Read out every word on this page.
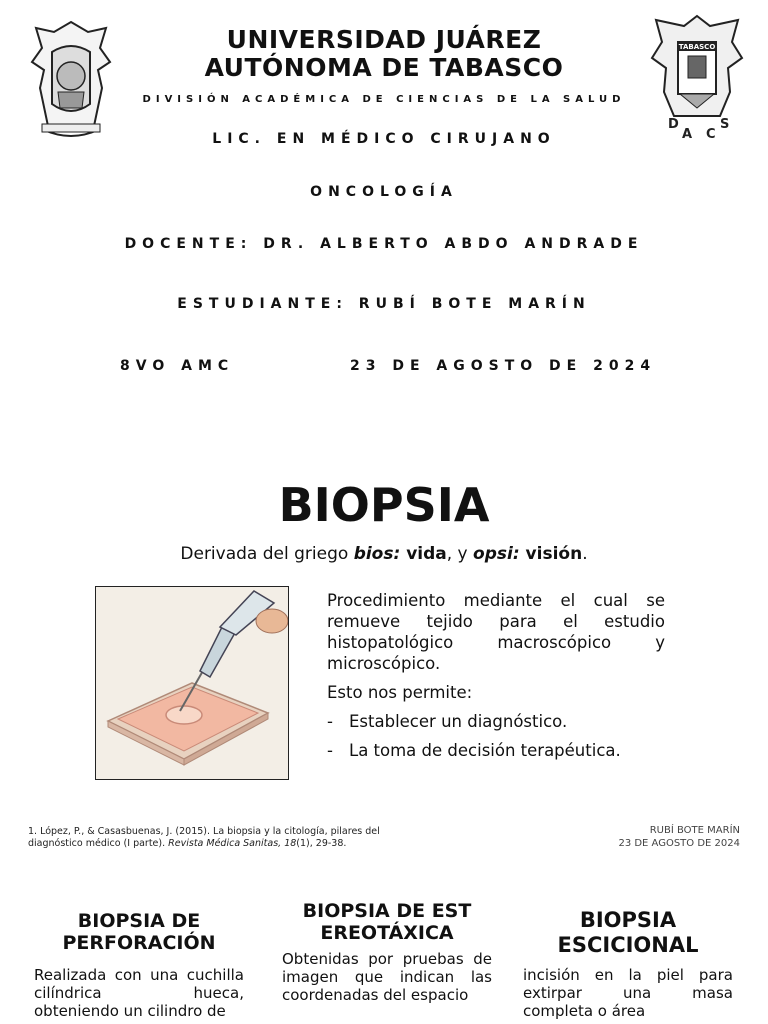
TABASCO
D
A C
S
UNIVERSIDAD JUÁREZ
AUTÓNOMA DE TABASCO
DIVISIÓN ACADÉMICA DE CIENCIAS DE LA SALUD
LIC. EN MÉDICO CIRUJANO
ONCOLOGÍA
DOCENTE: DR. ALBERTO ABDO ANDRADE
ESTUDIANTE: RUBÍ BOTE MARÍN
8VO AMC	23 DE AGOSTO DE 2024
BIOPSIA
Derivada del griego bios: vida, y opsi: visión.

Procedimiento mediante el cual se remueve tejido para el estudio histopatológico macroscópico y microscópico.

Esto nos permite:

- Establecer un diagnóstico.
- La toma de decisión terapéutica.
1. López, P., & Casasbuenas, J. (2015). La biopsia y la citología, pilares del diagnóstico médico (I parte). Revista Médica Sanitas, 18(1), 29-38.
RUBÍ BOTE MARÍN
23 DE AGOSTO DE 2024
BIOPSIA DE PERFORACIÓN
Realizada con una cuchilla cilíndrica hueca, obteniendo un cilindro de
BIOPSIA DE ESTEREOTÁXICA
Obtenidas por pruebas de imagen que indican las coordenadas del espacio
BIOPSIA ESCICIONAL
incisión en la piel para extirpar una masa completa o área
